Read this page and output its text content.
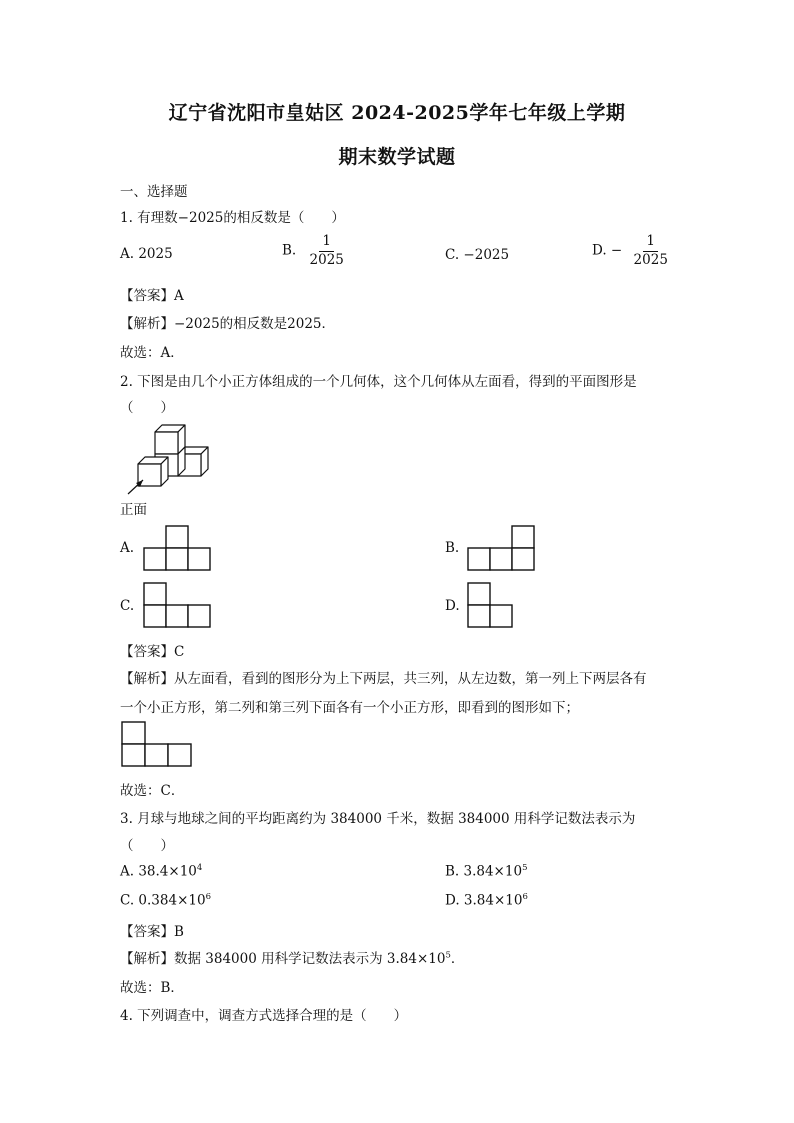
辽宁省沈阳市皇姑区 2024-2025学年七年级上学期
期末数学试题
一、选择题
1. 有理数−2025的相反数是（　　）
A. 2025	B. $\frac{1}{2025}$	C. −2025	D. − $\frac{1}{2025}$
【答案】A
【解析】−2025的相反数是2025．
故选：A．
2. 下图是由几个小正方体组成的一个几何体，这个几何体从左面看，得到的平面图形是
（　　）
正面
A.	B.
C.	D.
【答案】C
【解析】从左面看，看到的图形分为上下两层，共三列，从左边数，第一列上下两层各有
一个小正方形，第二列和第三列下面各有一个小正方形，即看到的图形如下；
故选：C．
3. 月球与地球之间的平均距离约为 384000 千米，数据 384000 用科学记数法表示为
（　　）
A. $38.4\times 10^4$	B. $3.84\times 10^5$
C. $0.384\times 10^6$	D. $3.84\times 10^6$
【答案】B
【解析】数据 384000 用科学记数法表示为 $3.84\times 10^5$．
故选：B．
4. 下列调查中，调查方式选择合理的是（　　）
